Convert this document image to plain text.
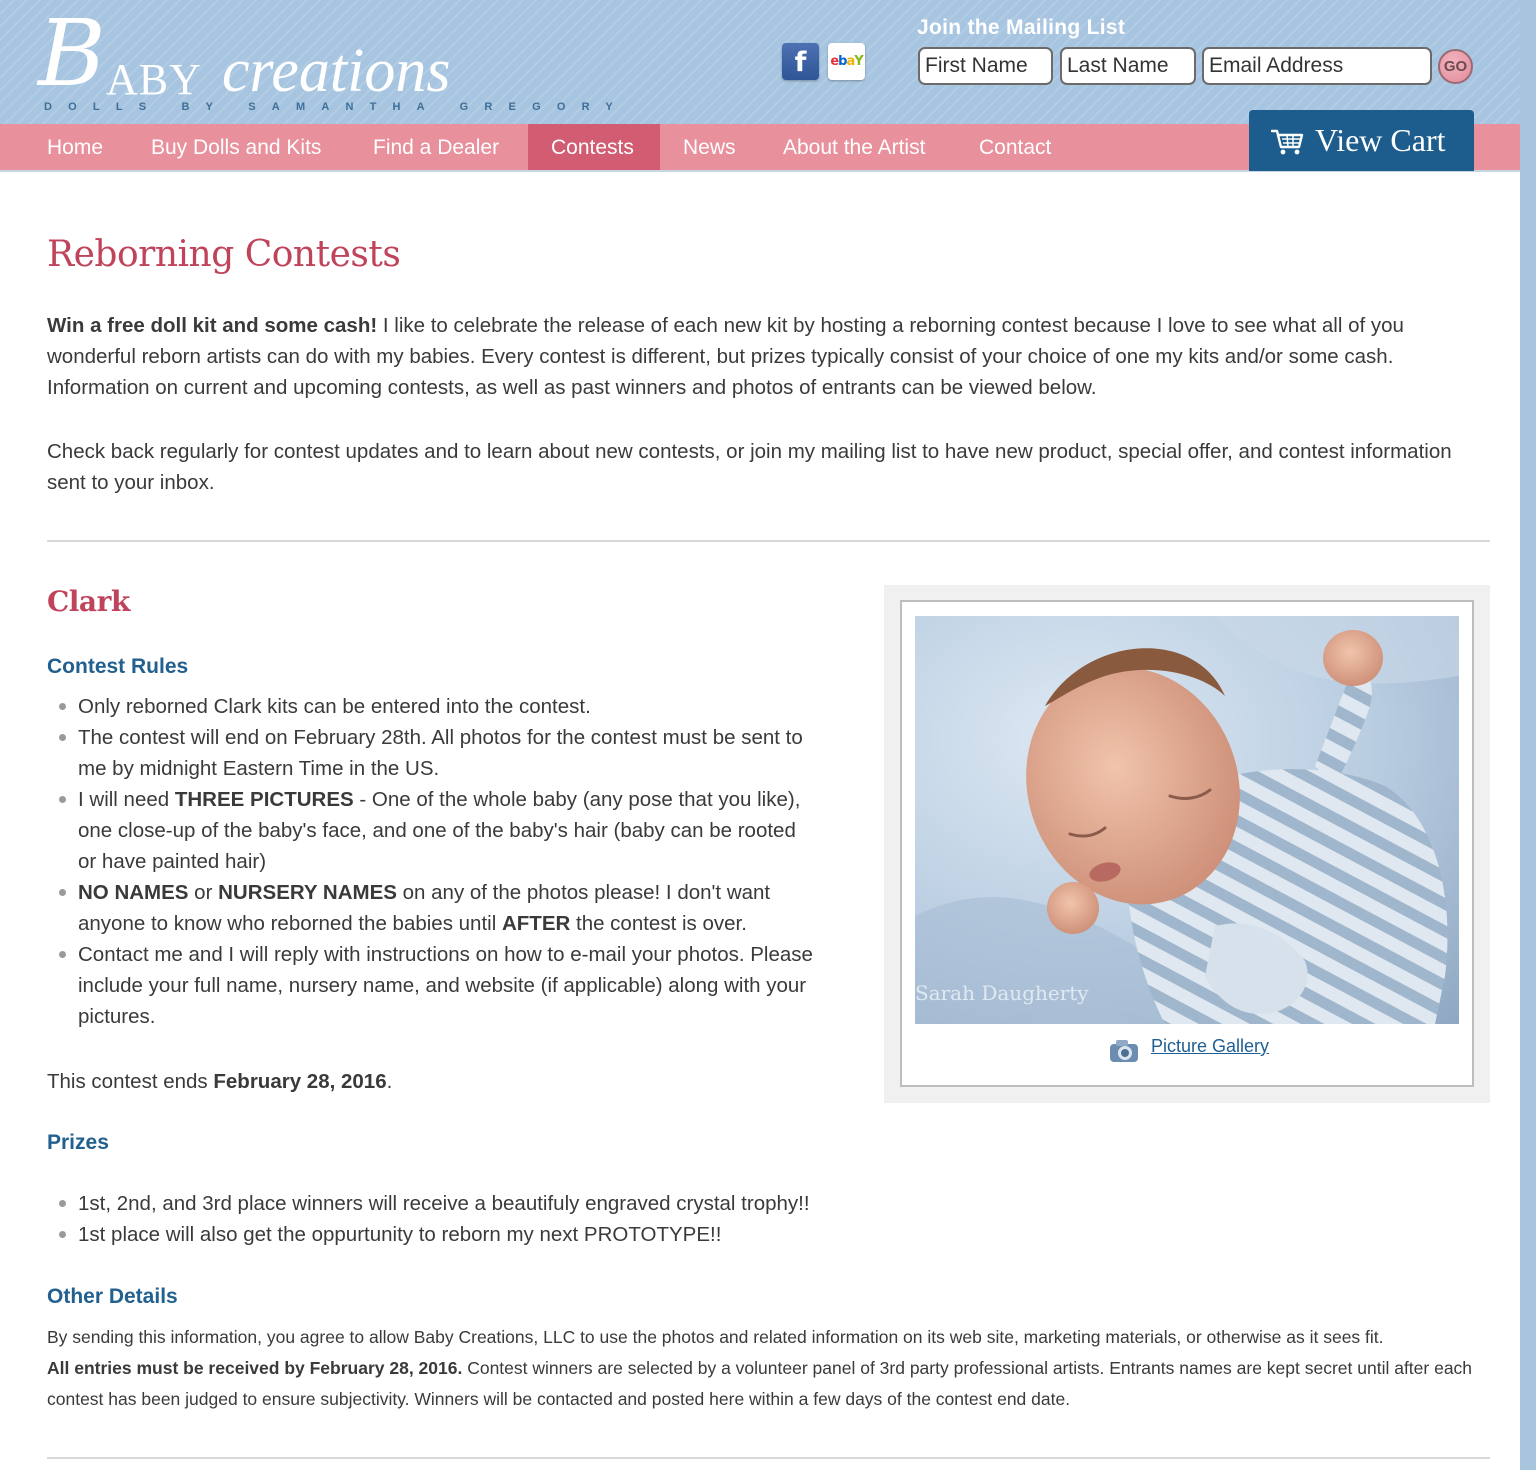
B ABY creations
DOLLS BY SAMANTHA GREGORY
f	ebaY
Join the Mailing List
First Name
Last Name
Email Address
GO
Home	Buy Dolls and Kits	Find a Dealer	Contests	News	About the Artist	Contact	View Cart
Reborning Contests

Win a free doll kit and some cash! I like to celebrate the release of each new kit by hosting a reborning contest because I love to see what all of you wonderful reborn artists can do with my babies. Every contest is different, but prizes typically consist of your choice of one my kits and/or some cash. Information on current and upcoming contests, as well as past winners and photos of entrants can be viewed below.

Check back regularly for contest updates and to learn about new contests, or join my mailing list to have new product, special offer, and contest information sent to your inbox.

Clark
Contest Rules
Only reborned Clark kits can be entered into the contest.
The contest will end on February 28th. All photos for the contest must be sent to me by midnight Eastern Time in the US.
I will need THREE PICTURES - One of the whole baby (any pose that you like), one close-up of the baby's face, and one of the baby's hair (baby can be rooted or have painted hair)
NO NAMES or NURSERY NAMES on any of the photos please! I don't want anyone to know who reborned the babies until AFTER the contest is over.
Contact me and I will reply with instructions on how to e-mail your photos. Please include your full name, nursery name, and website (if applicable) along with your pictures.

This contest ends February 28, 2016.

Prizes
1st, 2nd, and 3rd place winners will receive a beautifuly engraved crystal trophy!!
1st place will also get the oppurtunity to reborn my next PROTOTYPE!!
Other Details

By sending this information, you agree to allow Baby Creations, LLC to use the photos and related information on its web site, marketing materials, or otherwise as it sees fit.
All entries must be received by February 28, 2016. Contest winners are selected by a volunteer panel of 3rd party professional artists. Entrants names are kept secret until after each contest has been judged to ensure subjectivity. Winners will be contacted and posted here within a few days of the contest end date.

Sarah Daugherty
Picture Gallery
